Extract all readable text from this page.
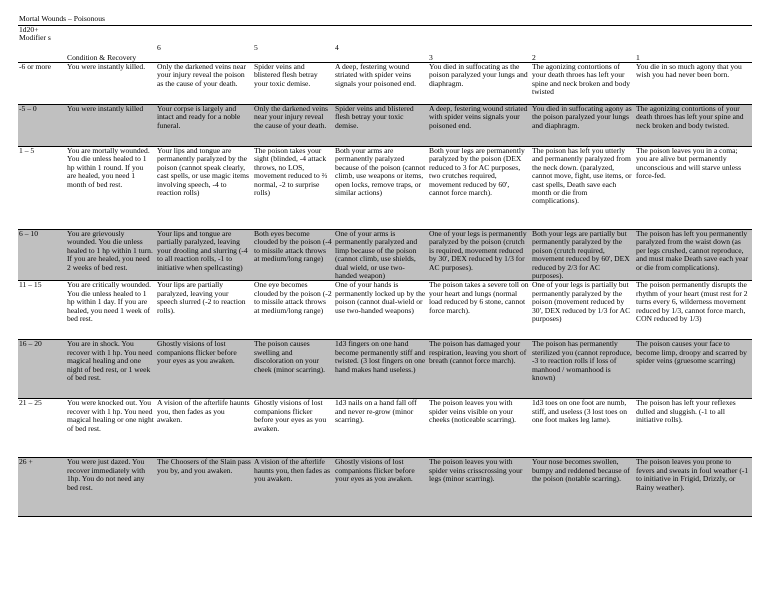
Mortal Wounds – Poisonous							
1d20+ Modifier s	Condition & Recovery	6	5	4	3	2	1
-6 or more	You were instantly killed.	Only the darkened veins near your injury reveal the poison as the cause of your death.	Spider veins and blistered flesh betray your toxic demise.	A deep, festering wound striated with spider veins signals your poisoned end.	You died in suffocating as the poison paralyzed your lungs and diaphragm.	The agonizing contortions of your death throes has left your spine and neck broken and body twisted	You die in so much agony that you wish you had never been born.
-5 – 0	You were instantly killed	Your corpse is largely and intact and ready for a noble funeral.	Only the darkened veins near your injury reveal the cause of your death.	Spider veins and blistered flesh betray your toxic demise.	A deep, festering wound striated with spider veins signals your poisoned end.	You died in suffocating agony as the poison paralyzed your lungs and diaphragm.	The agonizing contortions of your death throes has left your spine and neck broken and body twisted.
1 – 5	You are mortally wounded. You die unless healed to 1 hp within 1 round. If you are healed, you need 1 month of bed rest.	Your lips and tongue are permanently paralyzed by the poison (cannot speak clearly, cast spells, or use magic items involving speech, -4 to reaction rolls)	The poison takes your sight (blinded, -4 attack throws, no LOS, movement reduced to ⅔ normal, -2 to surprise rolls)	Both your arms are permanently paralyzed because of the poison (cannot climb, use weapons or items, open locks, remove traps, or similar actions)	Both your legs are permanently paralyzed by the poison (DEX reduced to 3 for AC purposes, two crutches required, movement reduced by 60', cannot force march).	The poison has left you utterly and permanently paralyzed from the neck down. (paralyzed, cannot move, fight, use items, or cast spells, Death save each month or die from complications).	The poison leaves you in a coma; you are alive but permanently unconscious and will starve unless force-fed.
6 – 10	You are grievously wounded. You die unless healed to 1 hp within 1 turn. If you are healed, you need 2 weeks of bed rest.	Your lips and tongue are partially paralyzed, leaving your drooling and slurring (-4 to all reaction rolls, -1 to initiative when spellcasting)	Both eyes become clouded by the poison (-4 to missile attack throws at medium/long range)	One of your arms is permanently paralyzed and limp because of the poison (cannot climb, use shields, dual wield, or use two-handed weapon)	One of your legs is permanently paralyzed by the poison (crutch is required, movement reduced by 30', DEX reduced by 1/3 for AC purposes).	Both your legs are partially but permanently paralyzed by the poison (crutch required, movement reduced by 60', DEX reduced by 2/3 for AC purposes).	The poison has left you permanently paralyzed from the waist down (as per legs crushed, cannot reproduce, and must make Death save each year or die from complications).
11 – 15	You are critically wounded. You die unless healed to 1 hp within 1 day. If you are healed, you need 1 week of bed rest.	Your lips are partially paralyzed, leaving your speech slurred (-2 to reaction rolls).	One eye becomes clouded by the poison (-2 to missile attack throws at medium/long range)	One of your hands is permanently locked up by the poison (cannot dual-wield or use two-handed weapons)	The poison takes a severe toll on your heart and lungs (normal load reduced by 6 stone, cannot force march).	One of your legs is partially but permanently paralyzed by the poison (movement reduced by 30', DEX reduced by 1/3 for AC purposes)	The poison permanently disrupts the rhythm of your heart (must rest for 2 turns every 6, wilderness movement reduced by 1/3, cannot force march, CON reduced by 1/3)
16 – 20	You are in shock. You recover with 1 hp. You need magical healing and one night of bed rest, or 1 week of bed rest.	Ghostly visions of lost companions flicker before your eyes as you awaken.	The poison causes swelling and discoloration on your cheek (minor scarring).	1d3 fingers on one hand become permanently stiff and twisted. (3 lost fingers on one hand makes hand useless.)	The poison has damaged your respiration, leaving you short of breath (cannot force march).	The poison has permanently sterilized you (cannot reproduce, -3 to reaction rolls if loss of manhood / womanhood is known)	The poison causes your face to become limp, droopy and scarred by spider veins (gruesome scarring)
21 – 25	You were knocked out. You recover with 1 hp. You need magical healing or one night of bed rest.	A vision of the afterlife haunts you, then fades as you awaken.	Ghostly visions of lost companions flicker before your eyes as you awaken.	1d3 nails on a hand fall off and never re-grow (minor scarring).	The poison leaves you with spider veins visible on your cheeks (noticeable scarring).	1d3 toes on one foot are numb, stiff, and useless (3 lost toes on one foot makes leg lame).	The poison has left your reflexes dulled and sluggish. (-1 to all initiative rolls).
26 +	You were just dazed. You recover immediately with 1hp. You do not need any bed rest.	The Choosers of the Slain pass you by, and you awaken.	A vision of the afterlife haunts you, then fades as you awaken.	Ghostly visions of lost companions flicker before your eyes as you awaken.	The poison leaves you with spider veins crisscrossing your legs (minor scarring).	Your nose becomes swollen, bumpy and reddened because of the poison (notable scarring).	The poison leaves you prone to fevers and sweats in foul weather (-1 to initiative in Frigid, Drizzly, or Rainy weather).
